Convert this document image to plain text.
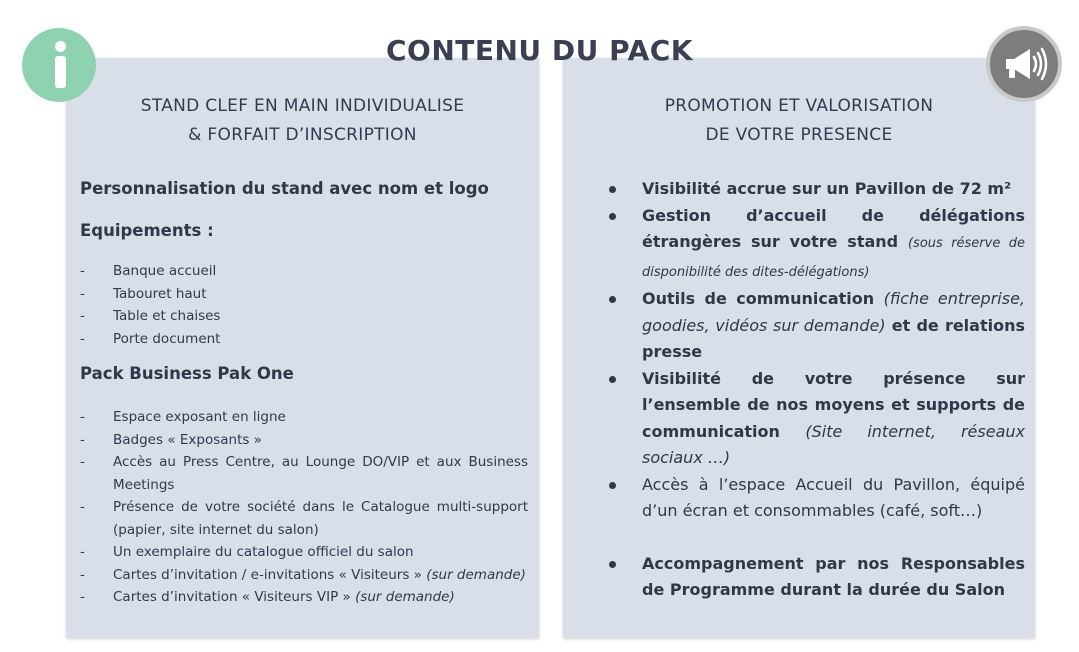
CONTENU DU PACK
STAND CLEF EN MAIN INDIVIDUALISE
& FORFAIT D’INSCRIPTION

Personnalisation du stand avec nom et logo

Equipements :

- Banque accueil
- Tabouret haut
- Table et chaises
- Porte document

Pack Business Pak One

- Espace exposant en ligne
- Badges « Exposants »
- Accès au Press Centre, au Lounge DO/VIP et aux Business Meetings
- Présence de votre société dans le Catalogue multi-support (papier, site internet du salon)
- Un exemplaire du catalogue officiel du salon
- Cartes d’invitation / e-invitations « Visiteurs » (sur demande)
- Cartes d’invitation « Visiteurs VIP » (sur demande)
PROMOTION ET VALORISATION
DE VOTRE PRESENCE
Visibilité accrue sur un Pavillon de 72 m²
Gestion d’accueil de délégations étrangères sur votre stand (sous réserve de disponibilité des dites-délégations)
Outils de communication (fiche entreprise, goodies, vidéos sur demande) et de relations presse
Visibilité de votre présence sur l’ensemble de nos moyens et supports de communication (Site internet, réseaux sociaux …)
Accès à l’espace Accueil du Pavillon, équipé d’un écran et consommables (café, soft…)
Accompagnement par nos Responsables de Programme durant la durée du Salon
